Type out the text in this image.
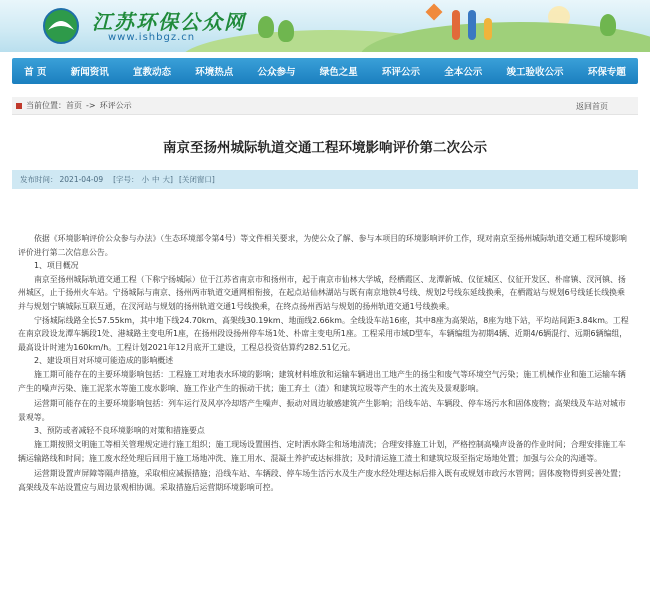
江苏环保公众网
www.ishbgz.cn
首 页	新闻资讯	宣教动态	环境热点	公众参与	绿色之星	环评公示	全本公示	竣工验收公示	环保专题
当前位置： 首页 -> 环评公示	返回首页
南京至扬州城际轨道交通工程环境影响评价第二次公示
发布时间： 2021-04-09 [字号： 小 中 大] [关闭窗口]

依据《环境影响评价公众参与办法》（生态环境部令第4号）等文件相关要求，为使公众了解、参与本项目的环境影响评价工作，现对南京至扬州城际轨道交通工程环境影响评价进行第二次信息公告。

1、项目概况

南京至扬州城际轨道交通工程（下称宁扬城际）位于江苏省南京市和扬州市，起于南京市仙林大学城，经栖霞区、龙潭新城、仪征城区、仪征开发区、朴席镇、汊河镇、扬州城区，止于扬州火车站。宁扬城际与南京、扬州两市轨道交通网相衔接，在起点站仙林湖站与既有南京地铁4号线、规划2号线东延线换乘，在栖霞站与规划6号线延长线换乘并与规划宁镇城际互联互通，在汊河站与规划的扬州轨道交通1号线换乘，在终点扬州西站与规划的扬州轨道交通1号线换乘。

宁扬城际线路全长57.55km，其中地下线24.70km、高架线30.19km、地面线2.66km。全线设车站16座，其中8座为高架站，8座为地下站，平均站间距3.84km。工程在南京段设龙潭车辆段1处、港城路主变电所1座，在扬州段设扬州停车场1处、朴席主变电所1座。工程采用市域D型车，车辆编组为初期4辆、近期4/6辆混行、远期6辆编组，最高设计时速为160km/h。工程计划2021年12月底开工建设，工程总投资估算约282.51亿元。

2、建设项目对环境可能造成的影响概述

施工期可能存在的主要环境影响包括：工程施工对地表水环境的影响；建筑材料堆放和运输车辆进出工地产生的扬尘和废气等环境空气污染；施工机械作业和施工运输车辆产生的噪声污染、施工泥浆水等施工废水影响、施工作业产生的振动干扰；施工弃土（渣）和建筑垃圾等产生的水土流失及景观影响。

运营期可能存在的主要环境影响包括：列车运行及风亭冷却塔产生噪声、振动对周边敏感建筑产生影响；沿线车站、车辆段、停车场污水和固体废物；高架线及车站对城市景观等。

3、预防或者减轻不良环境影响的对策和措施要点

施工期按照文明施工等相关管理规定进行施工组织；施工现场设置围挡、定时洒水降尘和场地清洗；合理安排施工计划，严格控制高噪声设备的作业时间；合理安排施工车辆运输路线和时间；施工废水经处理后回用于施工场地冲洗、施工用水、混凝土养护或达标排放；及时清运施工渣土和建筑垃圾至指定场地处置；加强与公众的沟通等。

运营期设置声屏障等隔声措施，采取相应减振措施；沿线车站、车辆段、停车场生活污水及生产废水经处理达标后排入既有或规划市政污水管网；固体废物得到妥善处置；高架线及车站设置应与周边景观相协调。采取措施后运营期环境影响可控。
